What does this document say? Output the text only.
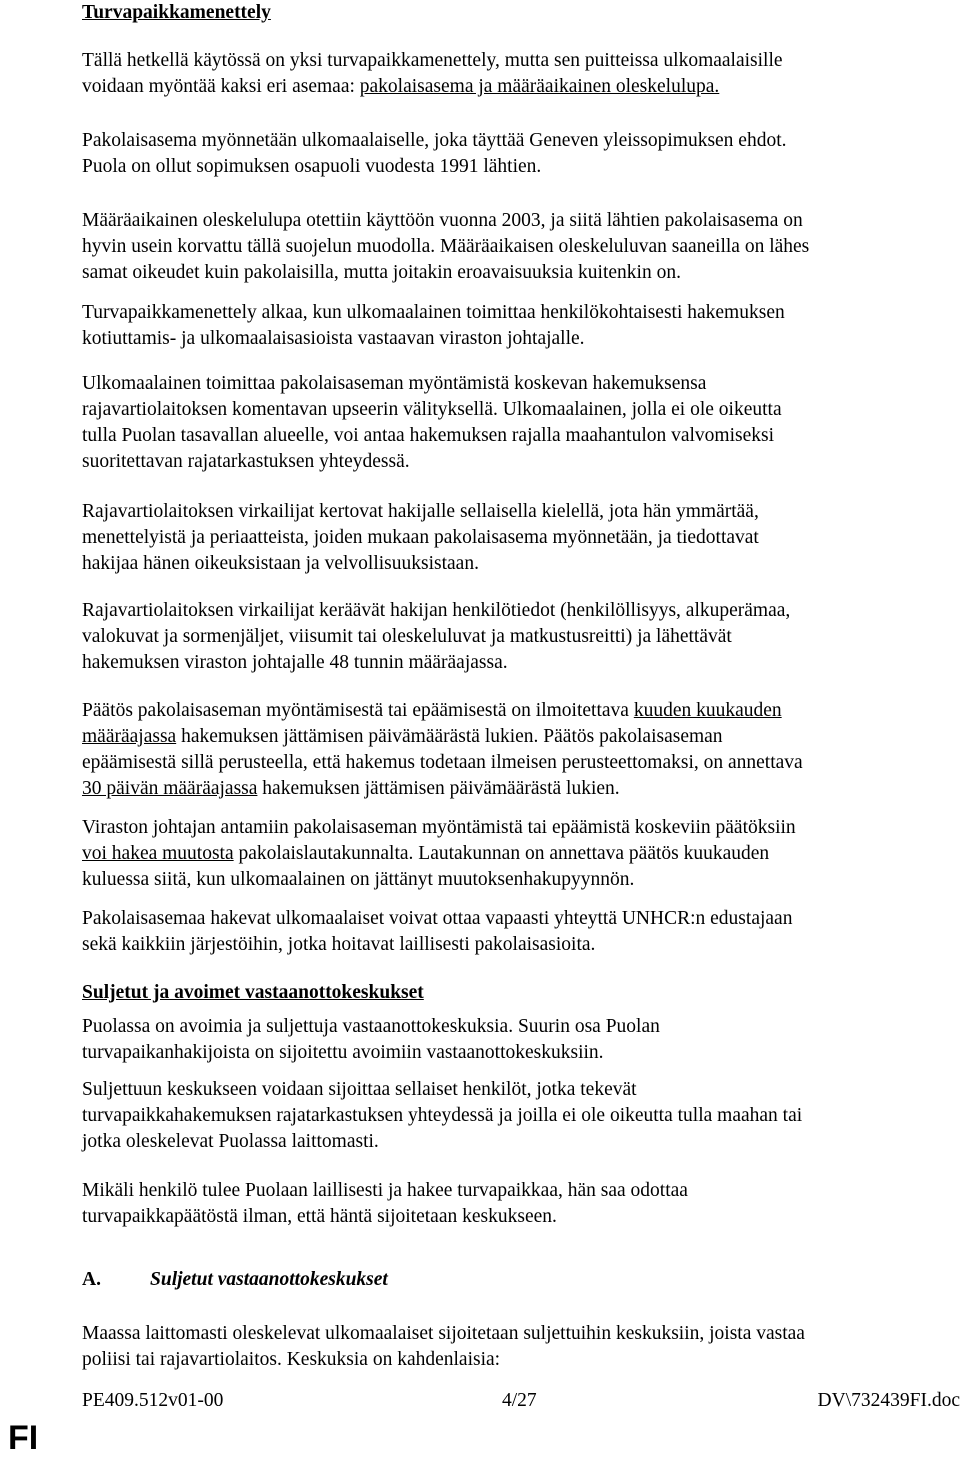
Turvapaikkamenettely
Tällä hetkellä käytössä on yksi turvapaikkamenettely, mutta sen puitteissa ulkomaalaisille
voidaan myöntää kaksi eri asemaa: pakolaisasema ja määräaikainen oleskelulupa.
Pakolaisasema myönnetään ulkomaalaiselle, joka täyttää Geneven yleissopimuksen ehdot.
Puola on ollut sopimuksen osapuoli vuodesta 1991 lähtien.
Määräaikainen oleskelulupa otettiin käyttöön vuonna 2003, ja siitä lähtien pakolaisasema on
hyvin usein korvattu tällä suojelun muodolla. Määräaikaisen oleskeluluvan saaneilla on lähes
samat oikeudet kuin pakolaisilla, mutta joitakin eroavaisuuksia kuitenkin on.
Turvapaikkamenettely alkaa, kun ulkomaalainen toimittaa henkilökohtaisesti hakemuksen
kotiuttamis- ja ulkomaalaisasioista vastaavan viraston johtajalle.
Ulkomaalainen toimittaa pakolaisaseman myöntämistä koskevan hakemuksensa
rajavartiolaitoksen komentavan upseerin välityksellä. Ulkomaalainen, jolla ei ole oikeutta
tulla Puolan tasavallan alueelle, voi antaa hakemuksen rajalla maahantulon valvomiseksi
suoritettavan rajatarkastuksen yhteydessä.
Rajavartiolaitoksen virkailijat kertovat hakijalle sellaisella kielellä, jota hän ymmärtää,
menettelyistä ja periaatteista, joiden mukaan pakolaisasema myönnetään, ja tiedottavat
hakijaa hänen oikeuksistaan ja velvollisuuksistaan.
Rajavartiolaitoksen virkailijat keräävät hakijan henkilötiedot (henkilöllisyys, alkuperämaa,
valokuvat ja sormenjäljet, viisumit tai oleskeluluvat ja matkustusreitti) ja lähettävät
hakemuksen viraston johtajalle 48 tunnin määräajassa.
Päätös pakolaisaseman myöntämisestä tai epäämisestä on ilmoitettava kuuden kuukauden
määräajassa hakemuksen jättämisen päivämäärästä lukien. Päätös pakolaisaseman
epäämisestä sillä perusteella, että hakemus todetaan ilmeisen perusteettomaksi, on annettava
30 päivän määräajassa hakemuksen jättämisen päivämäärästä lukien.
Viraston johtajan antamiin pakolaisaseman myöntämistä tai epäämistä koskeviin päätöksiin
voi hakea muutosta pakolaislautakunnalta. Lautakunnan on annettava päätös kuukauden
kuluessa siitä, kun ulkomaalainen on jättänyt muutoksenhakupyynnön.
Pakolaisasemaa hakevat ulkomaalaiset voivat ottaa vapaasti yhteyttä UNHCR:n edustajaan
sekä kaikkiin järjestöihin, jotka hoitavat laillisesti pakolaisasioita.
Suljetut ja avoimet vastaanottokeskukset
Puolassa on avoimia ja suljettuja vastaanottokeskuksia. Suurin osa Puolan
turvapaikanhakijoista on sijoitettu avoimiin vastaanottokeskuksiin.
Suljettuun keskukseen voidaan sijoittaa sellaiset henkilöt, jotka tekevät
turvapaikkahakemuksen rajatarkastuksen yhteydessä ja joilla ei ole oikeutta tulla maahan tai
jotka oleskelevat Puolassa laittomasti.
Mikäli henkilö tulee Puolaan laillisesti ja hakee turvapaikkaa, hän saa odottaa
turvapaikkapäätöstä ilman, että häntä sijoitetaan keskukseen.
A.	Suljetut vastaanottokeskukset
Maassa laittomasti oleskelevat ulkomaalaiset sijoitetaan suljettuihin keskuksiin, joista vastaa
poliisi tai rajavartiolaitos. Keskuksia on kahdenlaisia:
PE409.512v01-00	4/27	DV\732439FI.doc
FI
